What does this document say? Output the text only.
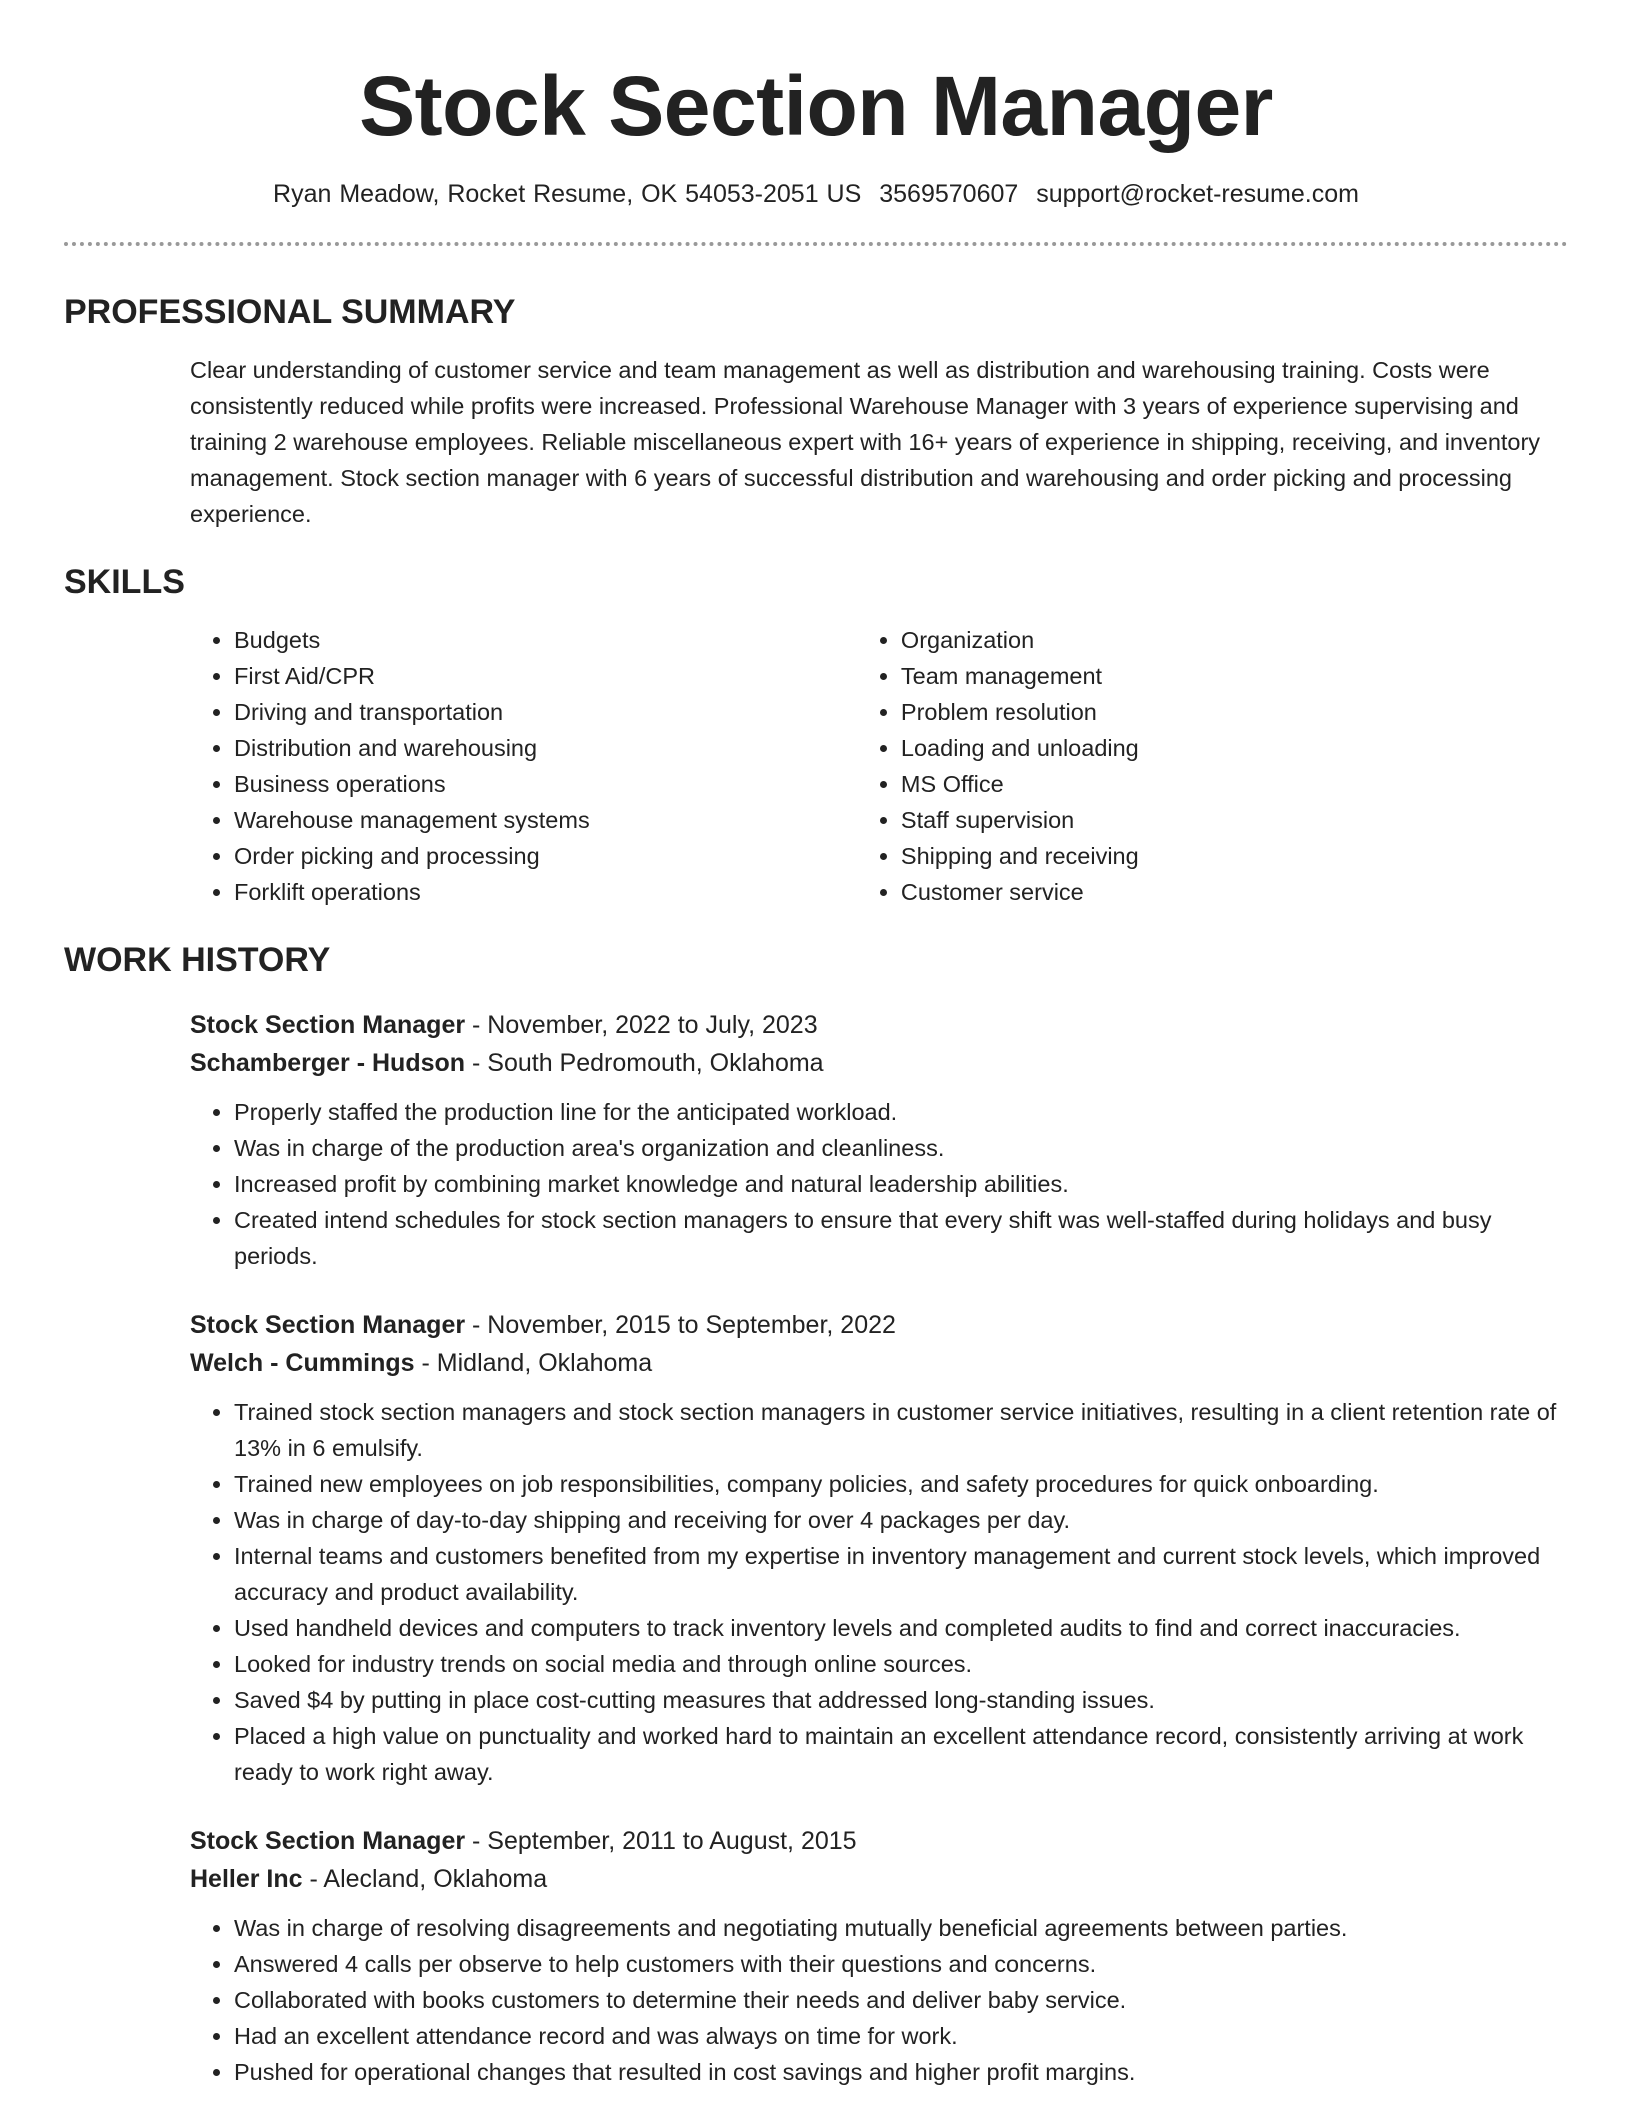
Stock Section Manager
Ryan Meadow, Rocket Resume, OK 54053-2051 US 3569570607 support@rocket-resume.com
PROFESSIONAL SUMMARY
Clear understanding of customer service and team management as well as distribution and warehousing training. Costs were consistently reduced while profits were increased. Professional Warehouse Manager with 3 years of experience supervising and training 2 warehouse employees. Reliable miscellaneous expert with 16+ years of experience in shipping, receiving, and inventory management. Stock section manager with 6 years of successful distribution and warehousing and order picking and processing experience.
SKILLS
• Budgets
• First Aid/CPR
• Driving and transportation
• Distribution and warehousing
• Business operations
• Warehouse management systems
• Order picking and processing
• Forklift operations
• Organization
• Team management
• Problem resolution
• Loading and unloading
• MS Office
• Staff supervision
• Shipping and receiving
• Customer service
WORK HISTORY
Stock Section Manager - November, 2022 to July, 2023
Schamberger - Hudson - South Pedromouth, Oklahoma
• Properly staffed the production line for the anticipated workload.
• Was in charge of the production area's organization and cleanliness.
• Increased profit by combining market knowledge and natural leadership abilities.
• Created intend schedules for stock section managers to ensure that every shift was well-staffed during holidays and busy periods.
Stock Section Manager - November, 2015 to September, 2022
Welch - Cummings - Midland, Oklahoma
• Trained stock section managers and stock section managers in customer service initiatives, resulting in a client retention rate of 13% in 6 emulsify.
• Trained new employees on job responsibilities, company policies, and safety procedures for quick onboarding.
• Was in charge of day-to-day shipping and receiving for over 4 packages per day.
• Internal teams and customers benefited from my expertise in inventory management and current stock levels, which improved accuracy and product availability.
• Used handheld devices and computers to track inventory levels and completed audits to find and correct inaccuracies.
• Looked for industry trends on social media and through online sources.
• Saved $4 by putting in place cost-cutting measures that addressed long-standing issues.
• Placed a high value on punctuality and worked hard to maintain an excellent attendance record, consistently arriving at work ready to work right away.
Stock Section Manager - September, 2011 to August, 2015
Heller Inc - Alecland, Oklahoma
• Was in charge of resolving disagreements and negotiating mutually beneficial agreements between parties.
• Answered 4 calls per observe to help customers with their questions and concerns.
• Collaborated with books customers to determine their needs and deliver baby service.
• Had an excellent attendance record and was always on time for work.
• Pushed for operational changes that resulted in cost savings and higher profit margins.
